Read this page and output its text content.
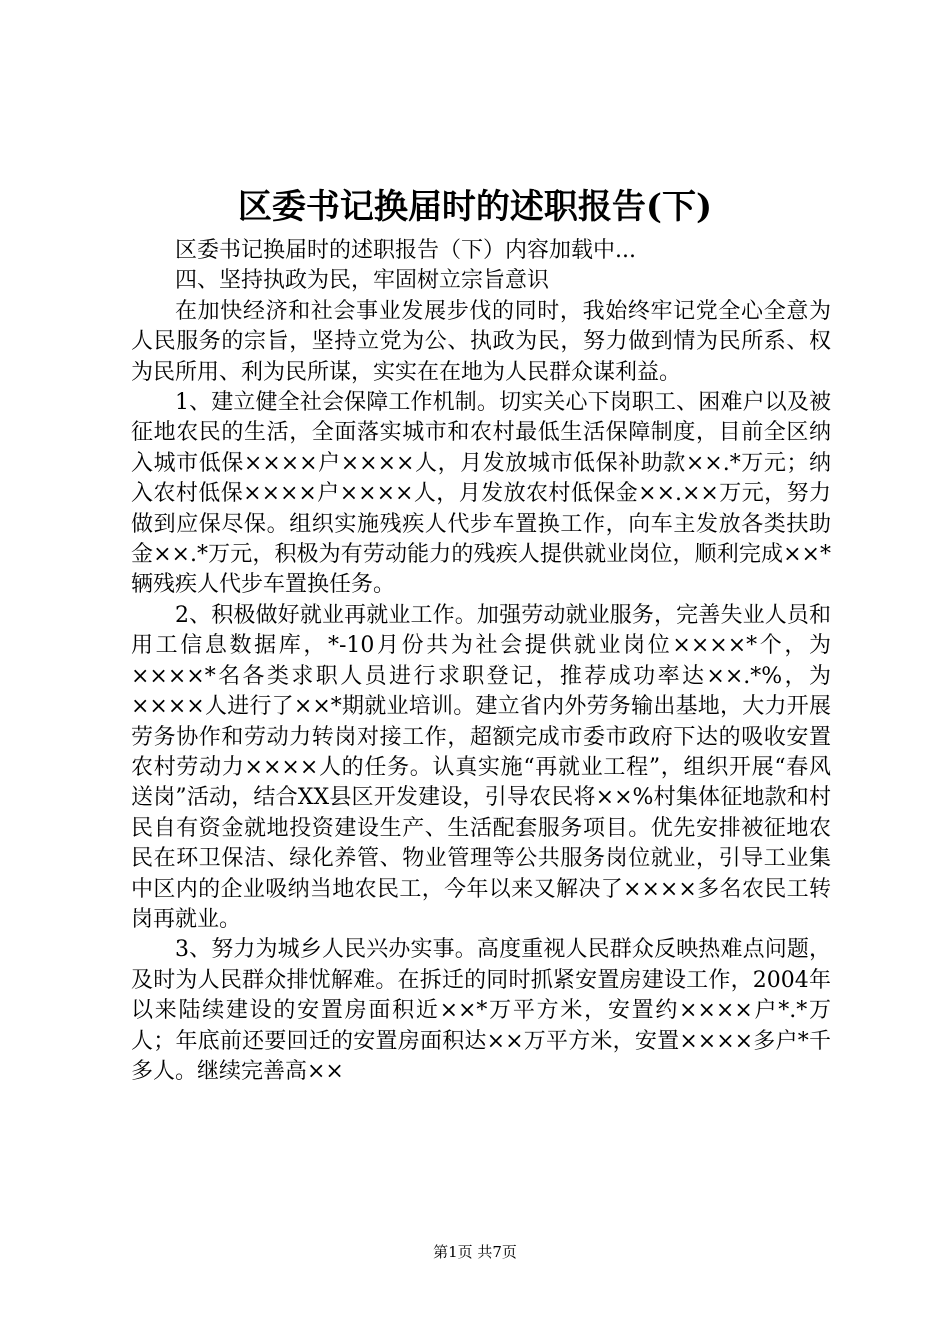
区委书记换届时的述职报告(下)

区委书记换届时的述职报告（下）内容加载中...

四、坚持执政为民，牢固树立宗旨意识

在加快经济和社会事业发展步伐的同时，我始终牢记党全心全意为人民服务的宗旨，坚持立党为公、执政为民，努力做到情为民所系、权为民所用、利为民所谋，实实在在地为人民群众谋利益。

1、建立健全社会保障工作机制。切实关心下岗职工、困难户以及被征地农民的生活，全面落实城市和农村最低生活保障制度，目前全区纳入城市低保××××户××××人，月发放城市低保补助款××.*万元；纳入农村低保××××户××××人，月发放农村低保金××.××万元，努力做到应保尽保。组织实施残疾人代步车置换工作，向车主发放各类扶助金××.*万元，积极为有劳动能力的残疾人提供就业岗位，顺利完成××*辆残疾人代步车置换任务。

2、积极做好就业再就业工作。加强劳动就业服务，完善失业人员和用工信息数据库，*-10月份共为社会提供就业岗位××××*个，为××××*名各类求职人员进行求职登记，推荐成功率达××.*%，为××××人进行了××*期就业培训。建立省内外劳务输出基地，大力开展劳务协作和劳动力转岗对接工作，超额完成市委市政府下达的吸收安置农村劳动力××××人的任务。认真实施“再就业工程”，组织开展“春风送岗”活动，结合XX县区开发建设，引导农民将××%村集体征地款和村民自有资金就地投资建设生产、生活配套服务项目。优先安排被征地农民在环卫保洁、绿化养管、物业管理等公共服务岗位就业，引导工业集中区内的企业吸纳当地农民工，今年以来又解决了××××多名农民工转岗再就业。

3、努力为城乡人民兴办实事。高度重视人民群众反映热难点问题，及时为人民群众排忧解难。在拆迁的同时抓紧安置房建设工作，2004年以来陆续建设的安置房面积近××*万平方米，安置约××××户*.*万人；年底前还要回迁的安置房面积达××万平方米，安置××××多户*千多人。继续完善高××

第1页 共7页
